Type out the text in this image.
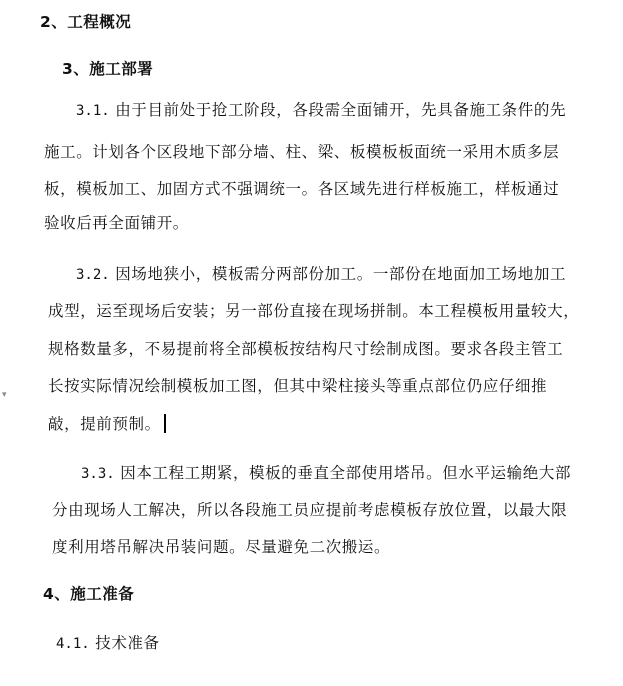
2、工程概况
3、施工部署
3.1. 由于目前处于抢工阶段，各段需全面铺开，先具备施工条件的先
施工。计划各个区段地下部分墙、柱、梁、板模板板面统一采用木质多层
板，模板加工、加固方式不强调统一。各区域先进行样板施工，样板通过
验收后再全面铺开。
3.2. 因场地狭小，模板需分两部份加工。一部份在地面加工场地加工
成型，运至现场后安装；另一部份直接在现场拼制。本工程模板用量较大，
规格数量多，不易提前将全部模板按结构尺寸绘制成图。要求各段主管工
长按实际情况绘制模板加工图，但其中梁柱接头等重点部位仍应仔细推
敲，提前预制。
▾
3.3. 因本工程工期紧，模板的垂直全部使用塔吊。但水平运输绝大部
分由现场人工解决，所以各段施工员应提前考虑模板存放位置，以最大限
度利用塔吊解决吊装问题。尽量避免二次搬运。
4、施工准备
4.1. 技术准备
